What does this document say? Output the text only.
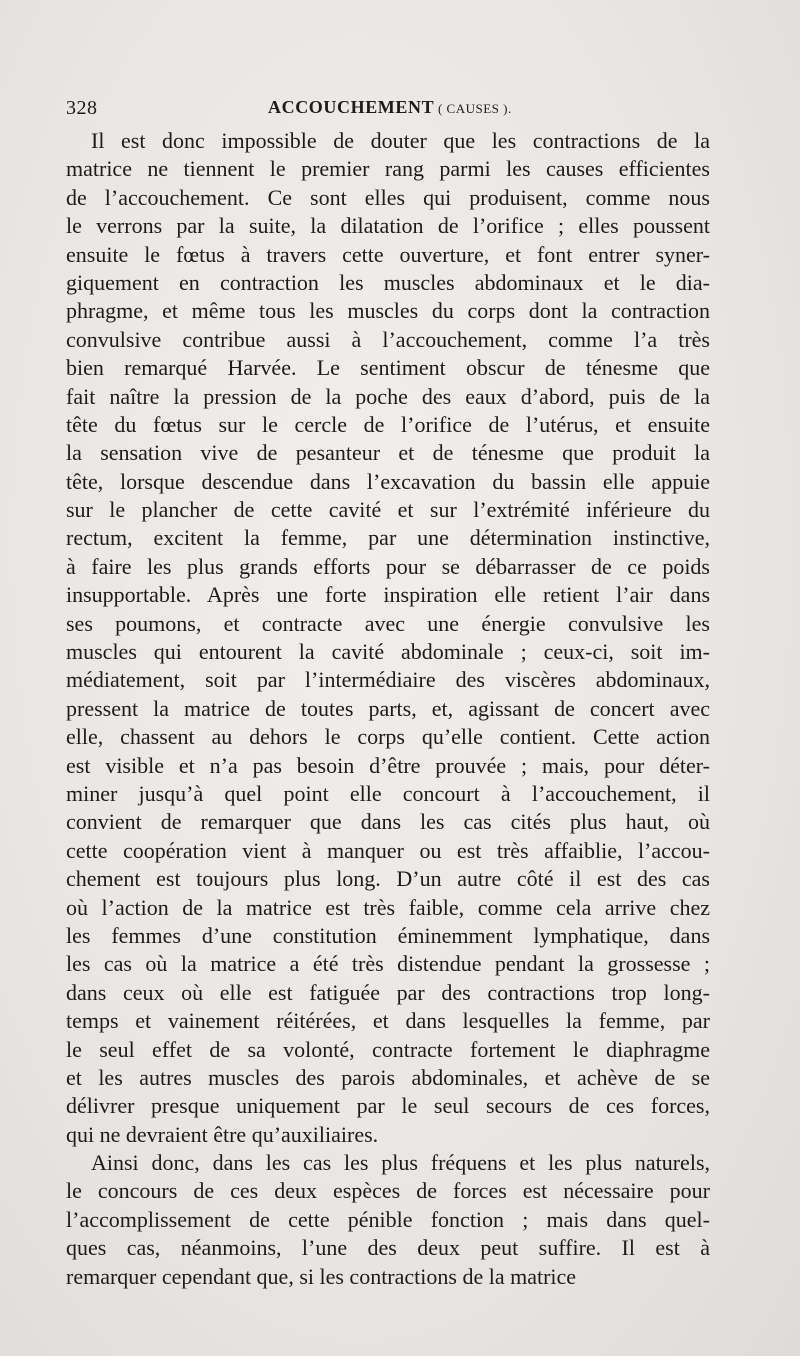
328	ACCOUCHEMENT ( CAUSES ).
Il est donc impossible de douter que les contractions de la
matrice ne tiennent le premier rang parmi les causes efficientes
de l’accouchement. Ce sont elles qui produisent, comme nous
le verrons par la suite, la dilatation de l’orifice ; elles poussent
ensuite le fœtus à travers cette ouverture, et font entrer syner-
giquement en contraction les muscles abdominaux et le dia-
phragme, et même tous les muscles du corps dont la contraction
convulsive contribue aussi à l’accouchement, comme l’a très
bien remarqué Harvée. Le sentiment obscur de ténesme que
fait naître la pression de la poche des eaux d’abord, puis de la
tête du fœtus sur le cercle de l’orifice de l’utérus, et ensuite
la sensation vive de pesanteur et de ténesme que produit la
tête, lorsque descendue dans l’excavation du bassin elle appuie
sur le plancher de cette cavité et sur l’extrémité inférieure du
rectum, excitent la femme, par une détermination instinctive,
à faire les plus grands efforts pour se débarrasser de ce poids
insupportable. Après une forte inspiration elle retient l’air dans
ses poumons, et contracte avec une énergie convulsive les
muscles qui entourent la cavité abdominale ; ceux-ci, soit im-
médiatement, soit par l’intermédiaire des viscères abdominaux,
pressent la matrice de toutes parts, et, agissant de concert avec
elle, chassent au dehors le corps qu’elle contient. Cette action
est visible et n’a pas besoin d’être prouvée ; mais, pour déter-
miner jusqu’à quel point elle concourt à l’accouchement, il
convient de remarquer que dans les cas cités plus haut, où
cette coopération vient à manquer ou est très affaiblie, l’accou-
chement est toujours plus long. D’un autre côté il est des cas
où l’action de la matrice est très faible, comme cela arrive chez
les femmes d’une constitution éminemment lymphatique, dans
les cas où la matrice a été très distendue pendant la grossesse ;
dans ceux où elle est fatiguée par des contractions trop long-
temps et vainement réitérées, et dans lesquelles la femme, par
le seul effet de sa volonté, contracte fortement le diaphragme
et les autres muscles des parois abdominales, et achève de se
délivrer presque uniquement par le seul secours de ces forces,
qui ne devraient être qu’auxiliaires.
Ainsi donc, dans les cas les plus fréquens et les plus naturels,
le concours de ces deux espèces de forces est nécessaire pour
l’accomplissement de cette pénible fonction ; mais dans quel-
ques cas, néanmoins, l’une des deux peut suffire. Il est à
remarquer cependant que, si les contractions de la matrice
